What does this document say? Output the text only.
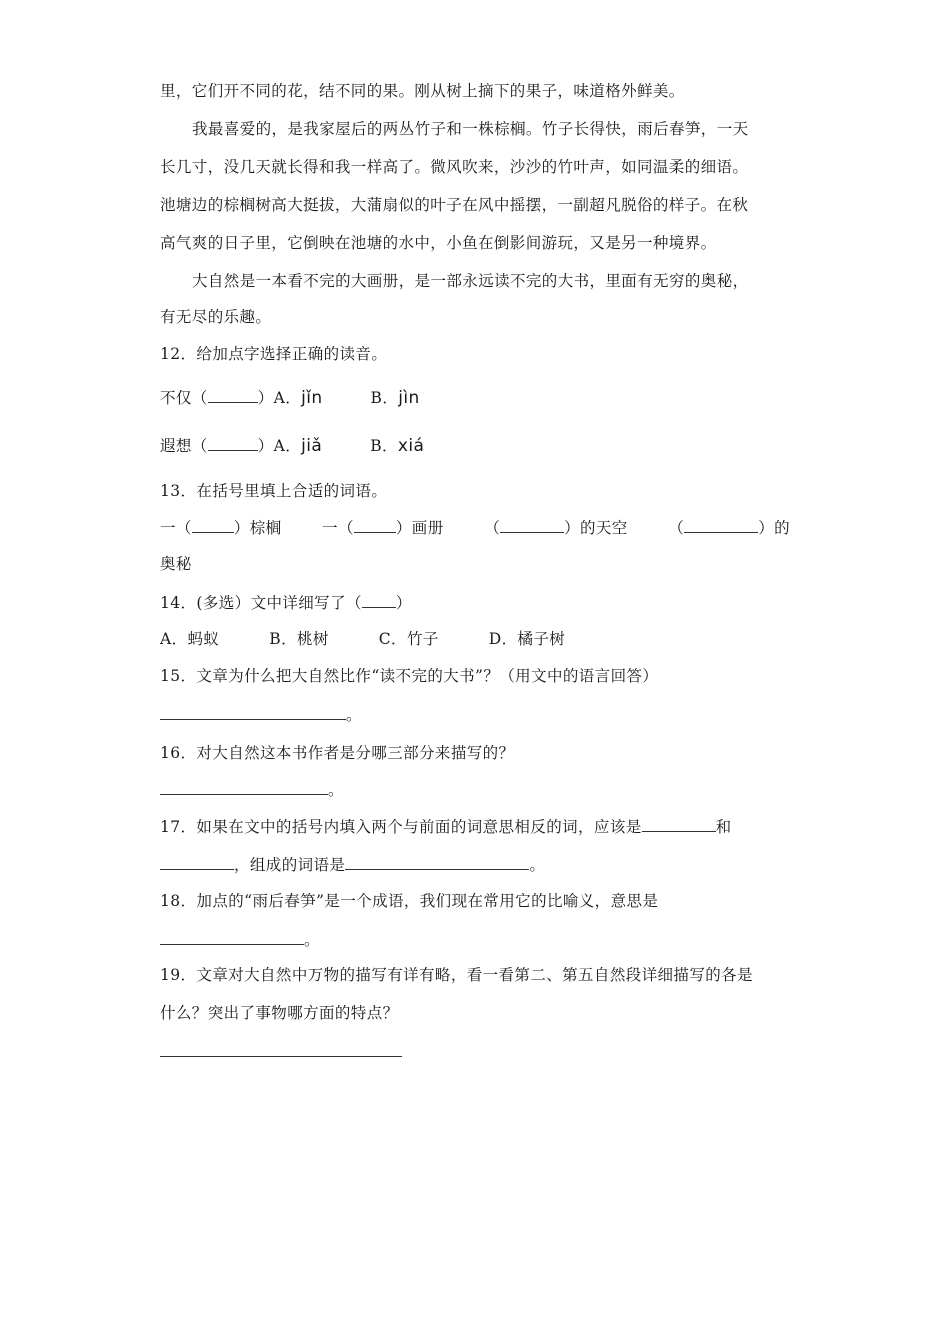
里，它们开不同的花，结不同的果。刚从树上摘下的果子，味道格外鲜美。
我最喜爱的，是我家屋后的两丛竹子和一株棕榈。竹子长得快，雨后春笋，一天
长几寸，没几天就长得和我一样高了。微风吹来，沙沙的竹叶声，如同温柔的细语。
池塘边的棕榈树高大挺拔，大蒲扇似的叶子在风中摇摆，一副超凡脱俗的样子。在秋
高气爽的日子里，它倒映在池塘的水中，小鱼在倒影间游玩，又是另一种境界。
大自然是一本看不完的大画册，是一部永远读不完的大书，里面有无穷的奥秘，
有无尽的乐趣。
12．给加点字选择正确的读音。
不仅（	）A．jǐn	B．jìn
遐想（	）A．jiǎ	B．xiá
13．在括号里填上合适的词语。
一（	）棕榈	一（	）画册	（	）的天空	（	）的
奥秘
14．(多选）文中详细写了（ ）
A．蚂蚁	B．桃树	C．竹子	D．橘子树
15．文章为什么把大自然比作“读不完的大书”？（用文中的语言回答）
。
16．对大自然这本书作者是分哪三部分来描写的？
。
17．如果在文中的括号内填入两个与前面的词意思相反的词，应该是	和
，组成的词语是	。
18．加点的“雨后春笋”是一个成语，我们现在常用它的比喻义，意思是
。
19．文章对大自然中万物的描写有详有略，看一看第二、第五自然段详细描写的各是
什么？突出了事物哪方面的特点？
